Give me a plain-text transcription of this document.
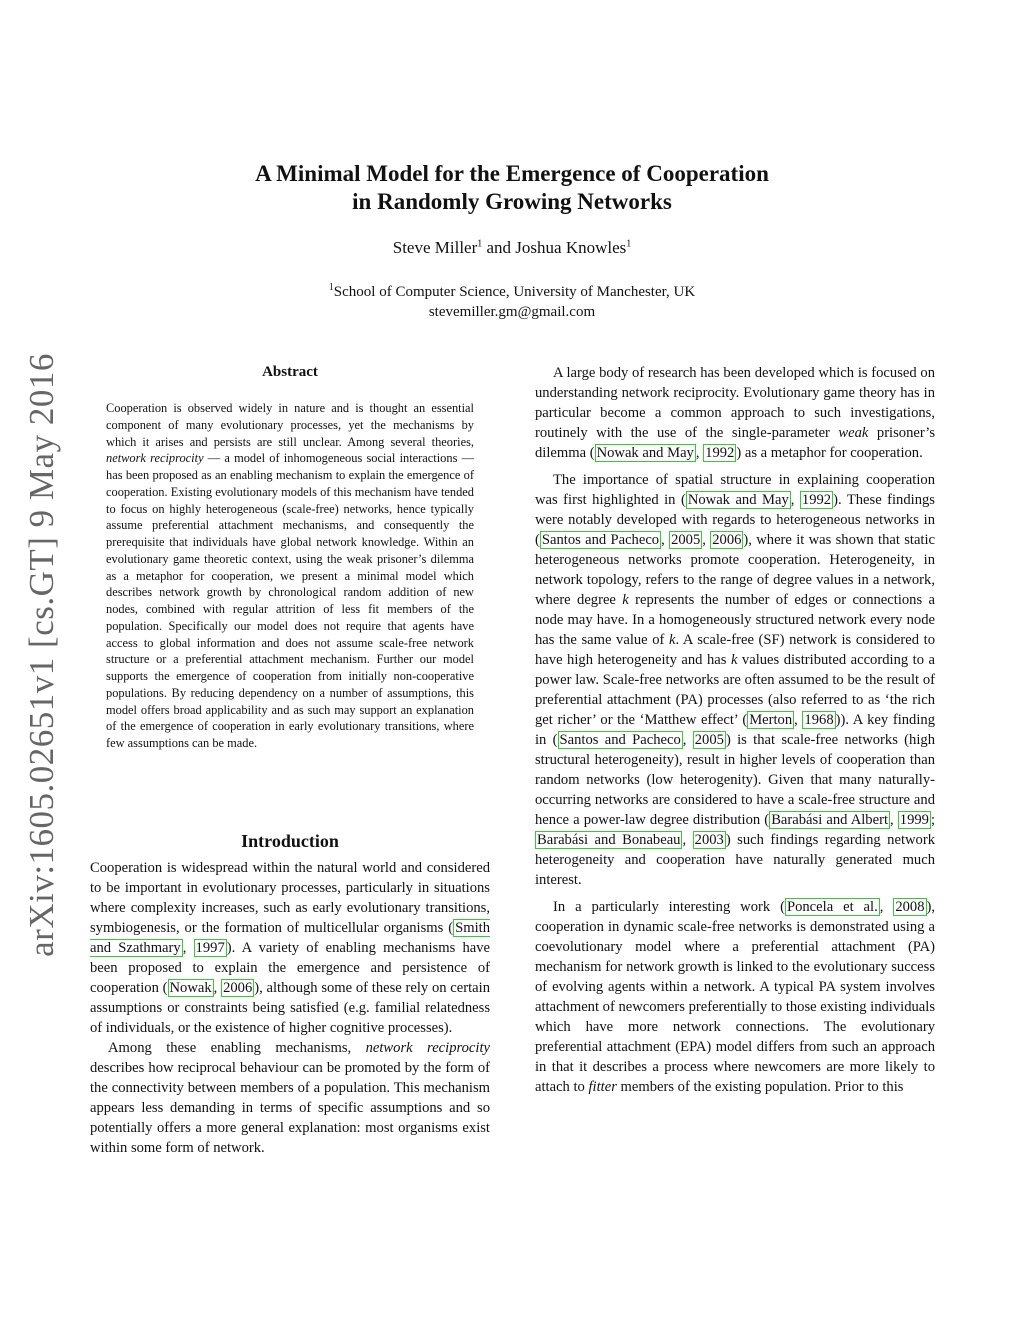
arXiv:1605.02651v1 [cs.GT] 9 May 2016
A Minimal Model for the Emergence of Cooperation
in Randomly Growing Networks
Steve Miller$^1$ and Joshua Knowles$^1$
$^1$School of Computer Science, University of Manchester, UK
stevemiller.gm@gmail.com
Abstract
Cooperation is observed widely in nature and is thought an essential component of many evolutionary processes, yet the mechanisms by which it arises and persists are still unclear. Among several theories, network reciprocity — a model of inhomogeneous social interactions — has been proposed as an enabling mechanism to explain the emergence of cooperation. Existing evolutionary models of this mechanism have tended to focus on highly heterogeneous (scale-free) networks, hence typically assume preferential attachment mechanisms, and consequently the prerequisite that individuals have global network knowledge. Within an evolutionary game theoretic context, using the weak prisoner’s dilemma as a metaphor for cooperation, we present a minimal model which describes network growth by chronological random addition of new nodes, combined with regular attrition of less fit members of the population. Specifically our model does not require that agents have access to global information and does not assume scale-free network structure or a preferential attachment mechanism. Further our model supports the emergence of cooperation from initially non-cooperative populations. By reducing dependency on a number of assumptions, this model offers broad applicability and as such may support an explanation of the emergence of cooperation in early evolutionary transitions, where few assumptions can be made.
Introduction

Cooperation is widespread within the natural world and considered to be important in evolutionary processes, particularly in situations where complexity increases, such as early evolutionary transitions, symbiogenesis, or the formation of multicellular organisms ( Smith and Szathmary , 1997 ). A variety of enabling mechanisms have been proposed to explain the emergence and persistence of cooperation ( Nowak , 2006 ), although some of these rely on certain assumptions or constraints being satisfied (e.g. familial relatedness of individuals, or the existence of higher cognitive processes).

Among these enabling mechanisms, network reciprocity describes how reciprocal behaviour can be promoted by the form of the connectivity between members of a population. This mechanism appears less demanding in terms of specific assumptions and so potentially offers a more general explanation: most organisms exist within some form of network.

A large body of research has been developed which is focused on understanding network reciprocity. Evolutionary game theory has in particular become a common approach to such investigations, routinely with the use of the single-parameter weak prisoner’s dilemma ( Nowak and May , 1992 ) as a metaphor for cooperation.

The importance of spatial structure in explaining cooperation was first highlighted in ( Nowak and May , 1992 ). These findings were notably developed with regards to heterogeneous networks in ( Santos and Pacheco , 2005 , 2006 ), where it was shown that static heterogeneous networks promote cooperation. Heterogeneity, in network topology, refers to the range of degree values in a network, where degree k represents the number of edges or connections a node may have. In a homogeneously structured network every node has the same value of k. A scale-free (SF) network is considered to have high heterogeneity and has k values distributed according to a power law. Scale-free networks are often assumed to be the result of preferential attachment (PA) processes (also referred to as ‘the rich get richer’ or the ‘Matthew effect’ ( Merton , 1968 )). A key finding in ( Santos and Pacheco , 2005 ) is that scale-free networks (high structural heterogeneity), result in higher levels of cooperation than random networks (low heterogenity). Given that many naturally-occurring networks are considered to have a scale-free structure and hence a power-law degree distribution ( Barabási and Albert , 1999 ; Barabási and Bonabeau , 2003 ) such findings regarding network heterogeneity and cooperation have naturally generated much interest.

In a particularly interesting work ( Poncela et al. , 2008 ), cooperation in dynamic scale-free networks is demonstrated using a coevolutionary model where a preferential attachment (PA) mechanism for network growth is linked to the evolutionary success of evolving agents within a network. A typical PA system involves attachment of newcomers preferentially to those existing individuals which have more network connections. The evolutionary preferential attachment (EPA) model differs from such an approach in that it describes a process where newcomers are more likely to attach to fitter members of the existing population. Prior to this
